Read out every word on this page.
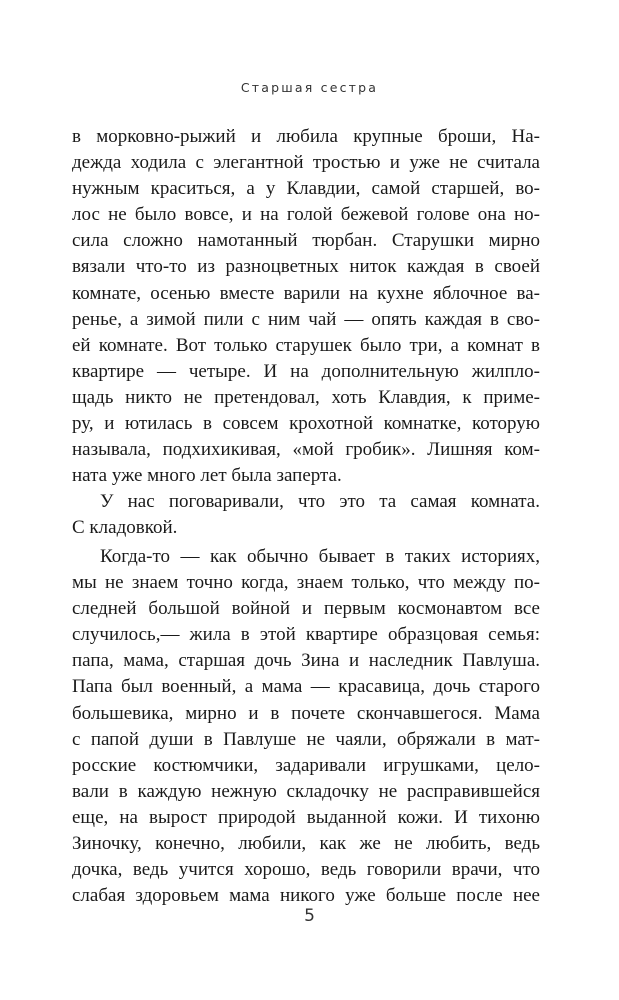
Старшая сестра
в морковно-рыжий и любила крупные броши, На-
дежда ходила с элегантной тростью и уже не считала
нужным краситься, а у Клавдии, самой старшей, во-
лос не было вовсе, и на голой бежевой голове она но-
сила сложно намотанный тюрбан. Старушки мирно
вязали что-то из разноцветных ниток каждая в своей
комнате, осенью вместе варили на кухне яблочное ва-
ренье, а зимой пили с ним чай — опять каждая в сво-
ей комнате. Вот только старушек было три, а комнат в
квартире — четыре. И на дополнительную жилпло-
щадь никто не претендовал, хоть Клавдия, к приме-
ру, и ютилась в совсем крохотной комнатке, которую
называла, подхихикивая, «мой гробик». Лишняя ком-
ната уже много лет была заперта.
У нас поговаривали, что это та самая комната.
С кладовкой.
Когда-то — как обычно бывает в таких историях,
мы не знаем точно когда, знаем только, что между по-
следней большой войной и первым космонавтом все
случилось,— жила в этой квартире образцовая семья:
папа, мама, старшая дочь Зина и наследник Павлуша.
Папа был военный, а мама — красавица, дочь старого
большевика, мирно и в почете скончавшегося. Мама
с папой души в Павлуше не чаяли, обряжали в мат-
росские костюмчики, задаривали игрушками, цело-
вали в каждую нежную складочку не расправившейся
еще, на вырост природой выданной кожи. И тихоню
Зиночку, конечно, любили, как же не любить, ведь
дочка, ведь учится хорошо, ведь говорили врачи, что
слабая здоровьем мама никого уже больше после нее
5
